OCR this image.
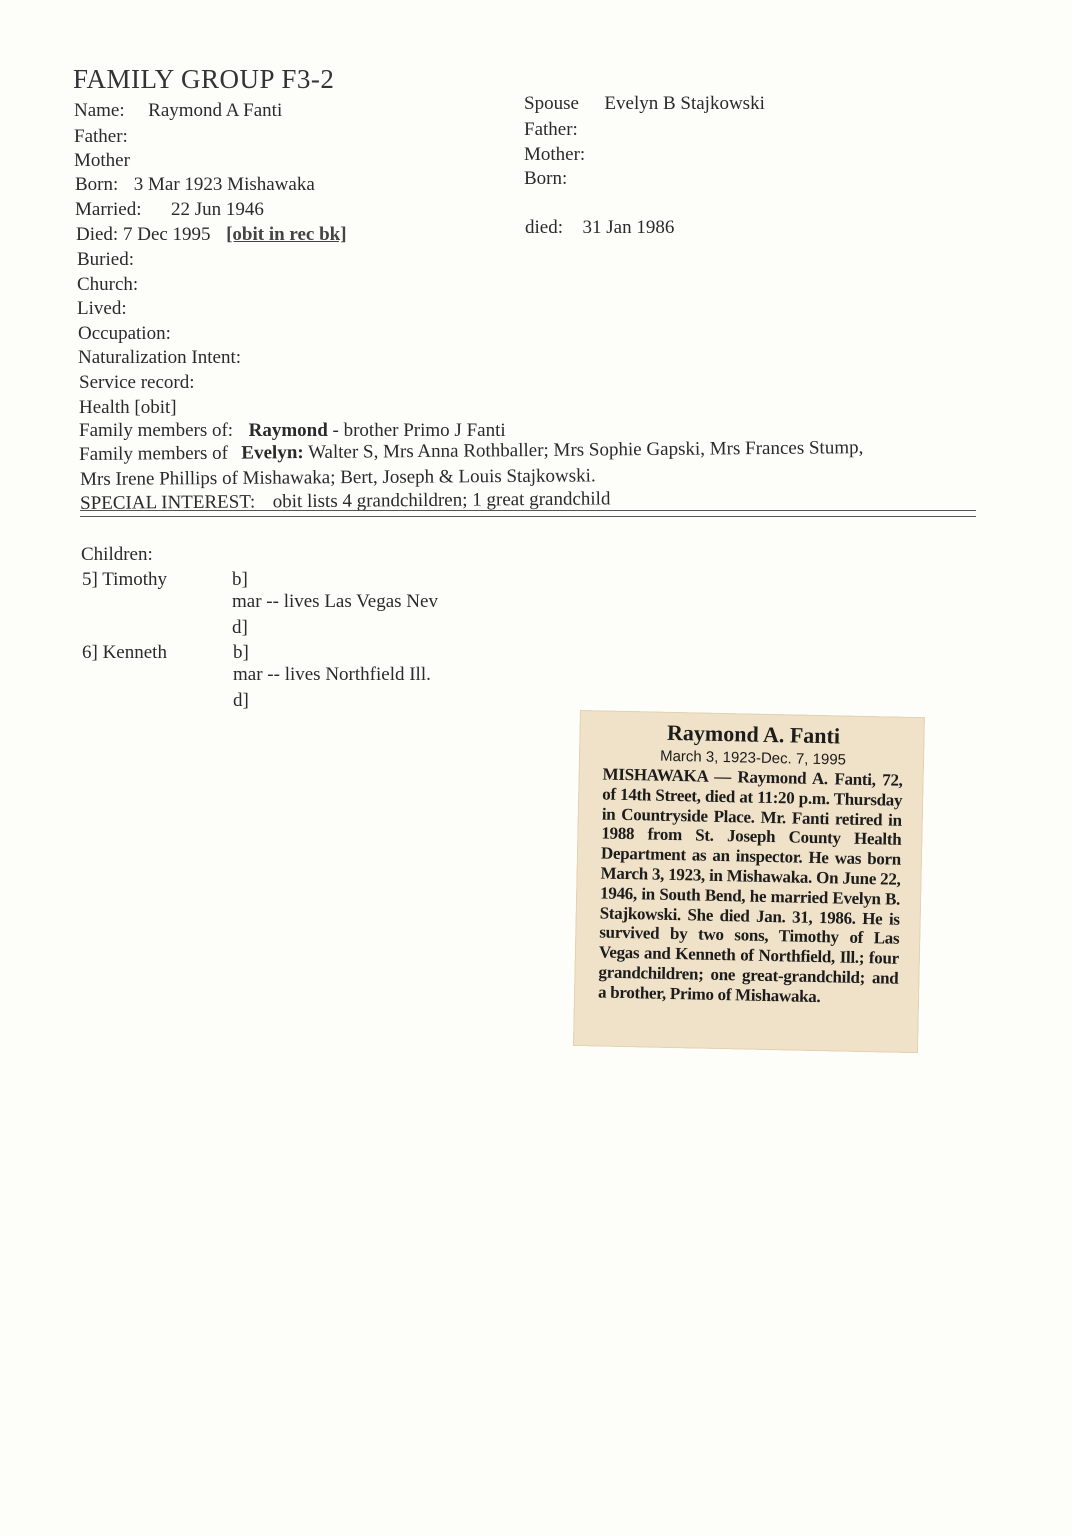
FAMILY GROUP F3-2
Name: Raymond A Fanti
Father:
Mother
Born: 3 Mar 1923 Mishawaka
Married: 22 Jun 1946
Died: 7 Dec 1995 [obit in rec bk]
Buried:
Church:
Lived:
Occupation:
Naturalization Intent:
Service record:
Health [obit]
Spouse Evelyn B Stajkowski
Father:
Mother:
Born:
died: 31 Jan 1986
Family members of: Raymond - brother Primo J Fanti
Family members of Evelyn: Walter S, Mrs Anna Rothballer; Mrs Sophie Gapski, Mrs Frances Stump,
Mrs Irene Phillips of Mishawaka; Bert, Joseph & Louis Stajkowski.
SPECIAL INTEREST: obit lists 4 grandchildren; 1 great grandchild
Children:
5] Timothy	b]
mar -- lives Las Vegas Nev
d]
6] Kenneth	b]
mar -- lives Northfield Ill.
d]
Raymond A. Fanti
March 3, 1923-Dec. 7, 1995
MISHAWAKA — Raymond A. Fanti, 72, of 14th Street, died at 11:20 p.m. Thursday in Countryside Place. Mr. Fanti retired in 1988 from St. Joseph County Health Department as an inspector. He was born March 3, 1923, in Mishawaka. On June 22, 1946, in South Bend, he married Evelyn B. Stajkowski. She died Jan. 31, 1986. He is survived by two sons, Timothy of Las Vegas and Kenneth of Northfield, Ill.; four grandchildren; one great-grandchild; and a brother, Primo of Mishawaka.
